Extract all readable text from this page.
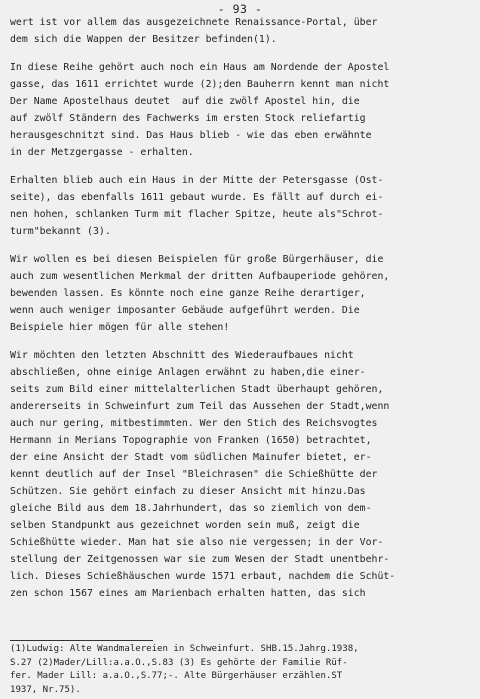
- 93 -
wert ist vor allem das ausgezeichnete Renaissance-Portal, über
dem sich die Wappen der Besitzer befinden(1).
In diese Reihe gehört auch noch ein Haus am Nordende der Apostel
gasse, das 1611 errichtet wurde (2);den Bauherrn kennt man nicht
Der Name Apostelhaus deutet  auf die zwölf Apostel hin, die
auf zwölf Ständern des Fachwerks im ersten Stock reliefartig
herausgeschnitzt sind. Das Haus blieb - wie das eben erwähnte
in der Metzgergasse - erhalten.
Erhalten blieb auch ein Haus in der Mitte der Petersgasse (Ost-
seite), das ebenfalls 1611 gebaut wurde. Es fällt auf durch ei-
nen hohen, schlanken Turm mit flacher Spitze, heute als"Schrot-
turm"bekannt (3).
Wir wollen es bei diesen Beispielen für große Bürgerhäuser, die
auch zum wesentlichen Merkmal der dritten Aufbauperiode gehören,
bewenden lassen. Es könnte noch eine ganze Reihe derartiger,
wenn auch weniger imposanter Gebäude aufgeführt werden. Die
Beispiele hier mögen für alle stehen!
Wir möchten den letzten Abschnitt des Wiederaufbaues nicht
abschließen, ohne einige Anlagen erwähnt zu haben,die einer-
seits zum Bild einer mittelalterlichen Stadt überhaupt gehören,
andererseits in Schweinfurt zum Teil das Aussehen der Stadt,wenn
auch nur gering, mitbestimmten. Wer den Stich des Reichsvogtes
Hermann in Merians Topographie von Franken (1650) betrachtet,
der eine Ansicht der Stadt vom südlichen Mainufer bietet, er-
kennt deutlich auf der Insel "Bleichrasen" die Schießhütte der
Schützen. Sie gehört einfach zu dieser Ansicht mit hinzu.Das
gleiche Bild aus dem 18.Jahrhundert, das so ziemlich von dem-
selben Standpunkt aus gezeichnet worden sein muß, zeigt die
Schießhütte wieder. Man hat sie also nie vergessen; in der Vor-
stellung der Zeitgenossen war sie zum Wesen der Stadt unentbehr-
lich. Dieses Schießhäuschen wurde 1571 erbaut, nachdem die Schüt-
zen schon 1567 eines am Marienbach erhalten hatten, das sich
(1)Ludwig: Alte Wandmalereien in Schweinfurt. SHB.15.Jahrg.1938,
S.27 (2)Mader/Lill:a.a.O.,S.83 (3) Es gehörte der Familie Rüf-
fer. Mader Lill: a.a.O.,S.77;-. Alte Bürgerhäuser erzählen.ST
1937, Nr.75).
